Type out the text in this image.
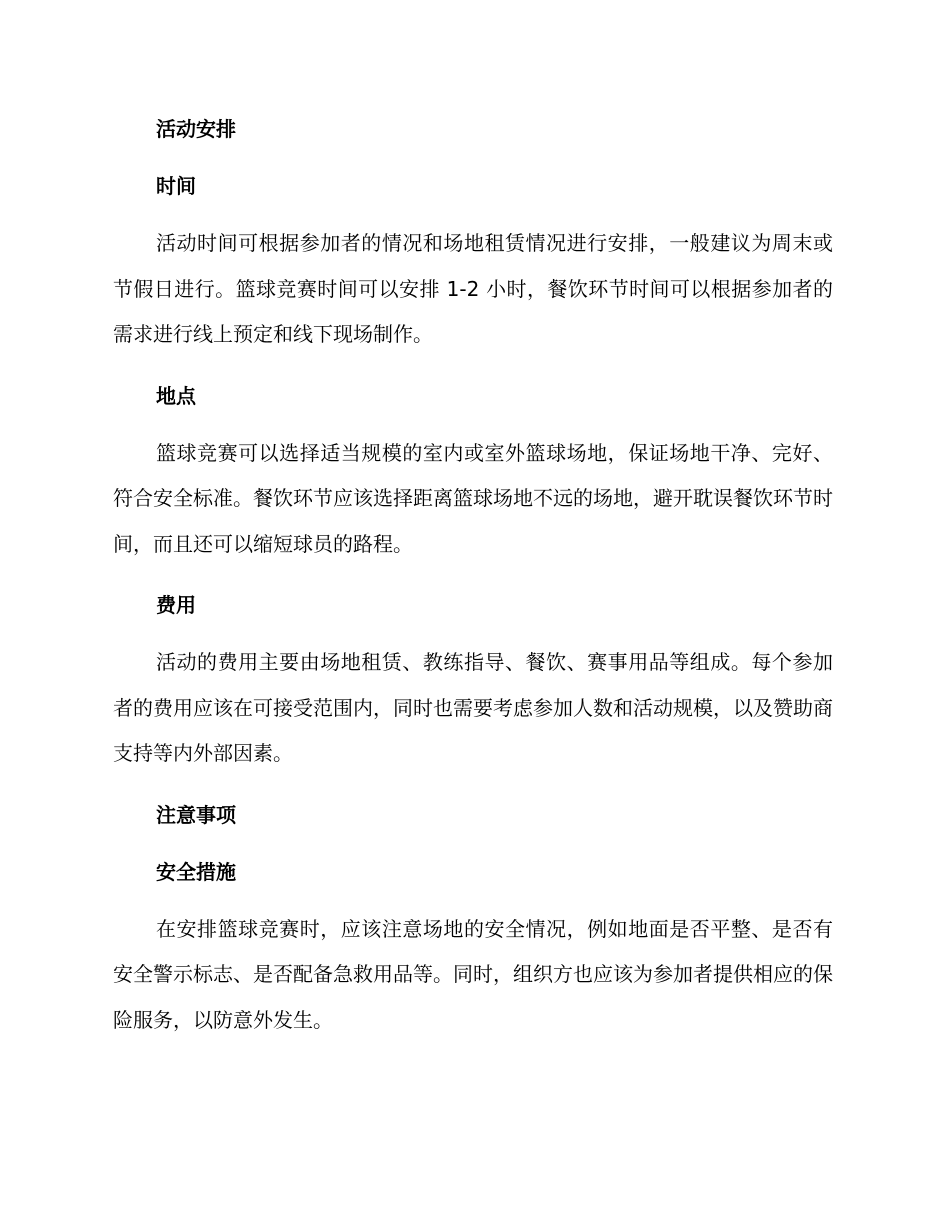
活动安排
时间

活动时间可根据参加者的情况和场地租赁情况进行安排，一般建议为周末或节假日进行。篮球竞赛时间可以安排 1-2 小时，餐饮环节时间可以根据参加者的需求进行线上预定和线下现场制作。

地点

篮球竞赛可以选择适当规模的室内或室外篮球场地，保证场地干净、完好、符合安全标准。餐饮环节应该选择距离篮球场地不远的场地，避开耽误餐饮环节时间，而且还可以缩短球员的路程。

费用

活动的费用主要由场地租赁、教练指导、餐饮、赛事用品等组成。每个参加者的费用应该在可接受范围内，同时也需要考虑参加人数和活动规模，以及赞助商支持等内外部因素。

注意事项
安全措施

在安排篮球竞赛时，应该注意场地的安全情况，例如地面是否平整、是否有安全警示标志、是否配备急救用品等。同时，组织方也应该为参加者提供相应的保险服务，以防意外发生。
